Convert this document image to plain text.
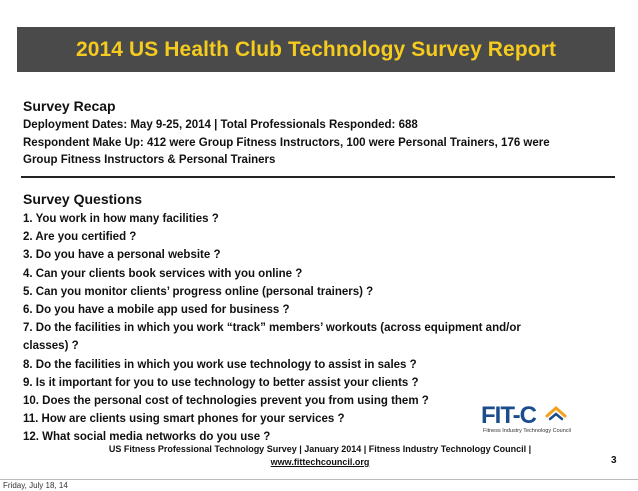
2014 US Health Club Technology Survey Report
Survey Recap
Deployment Dates: May 9-25, 2014 | Total Professionals Responded: 688
Respondent Make Up: 412 were Group Fitness Instructors, 100 were Personal Trainers, 176 were
Group Fitness Instructors & Personal Trainers
Survey Questions
1. You work in how many facilities ?
2. Are you certified ?
3. Do you have a personal website ?
4. Can your clients book services with you online ?
5. Can you monitor clients’ progress online (personal trainers) ?
6. Do you have a mobile app used for business ?
7. Do the facilities in which you work “track” members’ workouts (across equipment and/or
classes) ?
8. Do the facilities in which you work use technology to assist in sales ?
9. Is it important for you to use technology to better assist your clients ?
10. Does the personal cost of technologies prevent you from using them ?
11. How are clients using smart phones for your services ?
12. What social media networks do you use ?
FIT-C
Fitness Industry Technology Council
US Fitness Professional Technology Survey | January 2014 | Fitness Industry Technology Council |
www.fittechcouncil.org	3
Friday, July 18, 14
